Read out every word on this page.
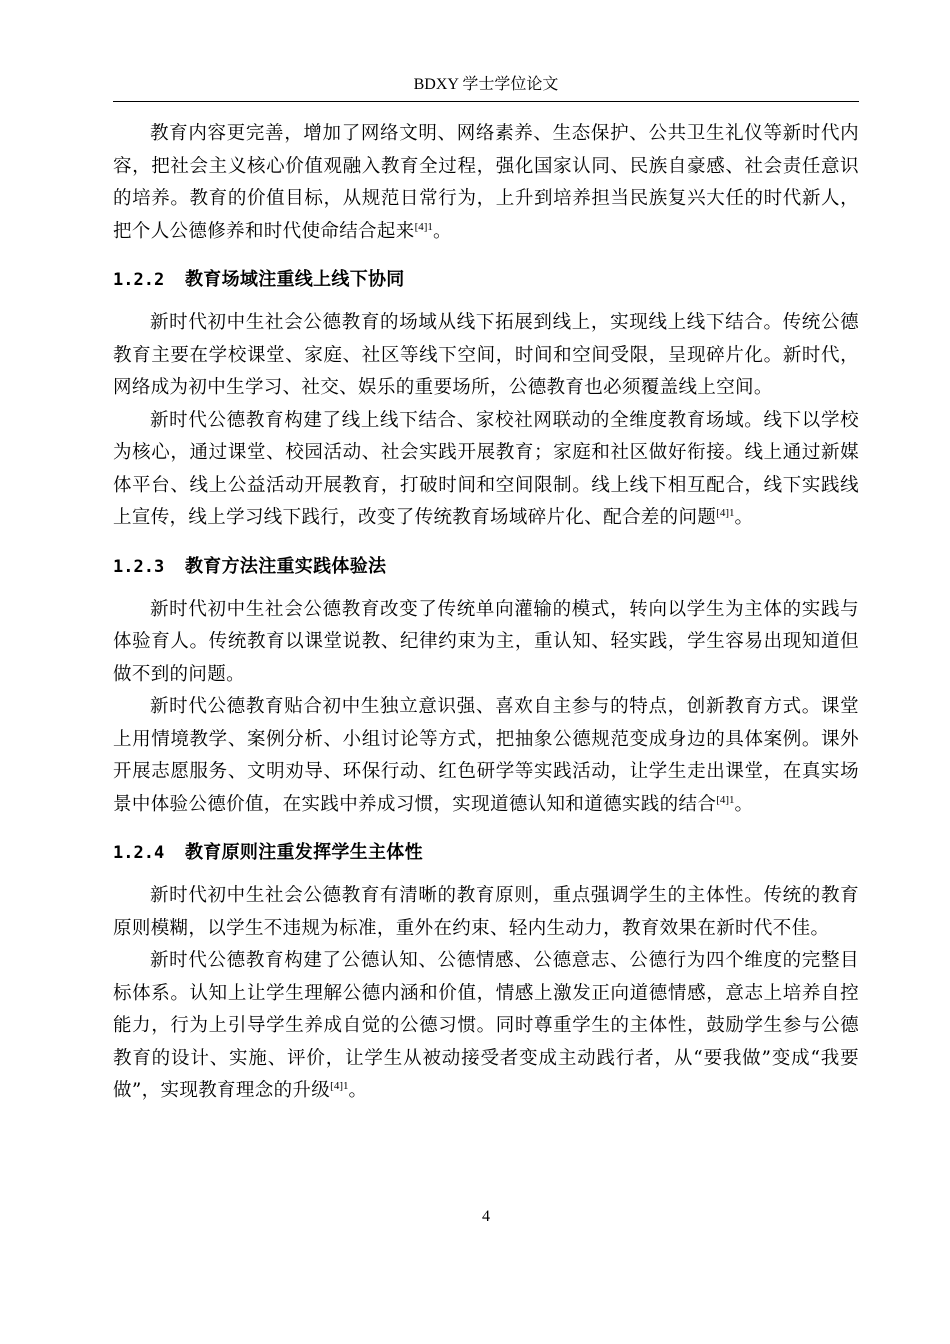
BDXY 学士学位论文

教育内容更完善，增加了网络文明、网络素养、生态保护、公共卫生礼仪等新时代内容，把社会主义核心价值观融入教育全过程，强化国家认同、民族自豪感、社会责任意识的培养。教育的价值目标，从规范日常行为，上升到培养担当民族复兴大任的时代新人，把个人公德修养和时代使命结合起来$^{[4]1}$。

1.2.2 教育场域注重线上线下协同

新时代初中生社会公德教育的场域从线下拓展到线上，实现线上线下结合。传统公德教育主要在学校课堂、家庭、社区等线下空间，时间和空间受限，呈现碎片化。新时代，网络成为初中生学习、社交、娱乐的重要场所，公德教育也必须覆盖线上空间。

新时代公德教育构建了线上线下结合、家校社网联动的全维度教育场域。线下以学校为核心，通过课堂、校园活动、社会实践开展教育；家庭和社区做好衔接。线上通过新媒体平台、线上公益活动开展教育，打破时间和空间限制。线上线下相互配合，线下实践线上宣传，线上学习线下践行，改变了传统教育场域碎片化、配合差的问题$^{[4]1}$。

1.2.3 教育方法注重实践体验法

新时代初中生社会公德教育改变了传统单向灌输的模式，转向以学生为主体的实践与体验育人。传统教育以课堂说教、纪律约束为主，重认知、轻实践，学生容易出现知道但做不到的问题。

新时代公德教育贴合初中生独立意识强、喜欢自主参与的特点，创新教育方式。课堂上用情境教学、案例分析、小组讨论等方式，把抽象公德规范变成身边的具体案例。课外开展志愿服务、文明劝导、环保行动、红色研学等实践活动，让学生走出课堂，在真实场景中体验公德价值，在实践中养成习惯，实现道德认知和道德实践的结合$^{[4]1}$。

1.2.4 教育原则注重发挥学生主体性

新时代初中生社会公德教育有清晰的教育原则，重点强调学生的主体性。传统的教育原则模糊，以学生不违规为标准，重外在约束、轻内生动力，教育效果在新时代不佳。

新时代公德教育构建了公德认知、公德情感、公德意志、公德行为四个维度的完整目标体系。认知上让学生理解公德内涵和价值，情感上激发正向道德情感，意志上培养自控能力，行为上引导学生养成自觉的公德习惯。同时尊重学生的主体性，鼓励学生参与公德教育的设计、实施、评价，让学生从被动接受者变成主动践行者，从“要我做”变成“我要做”，实现教育理念的升级$^{[4]1}$。

4
